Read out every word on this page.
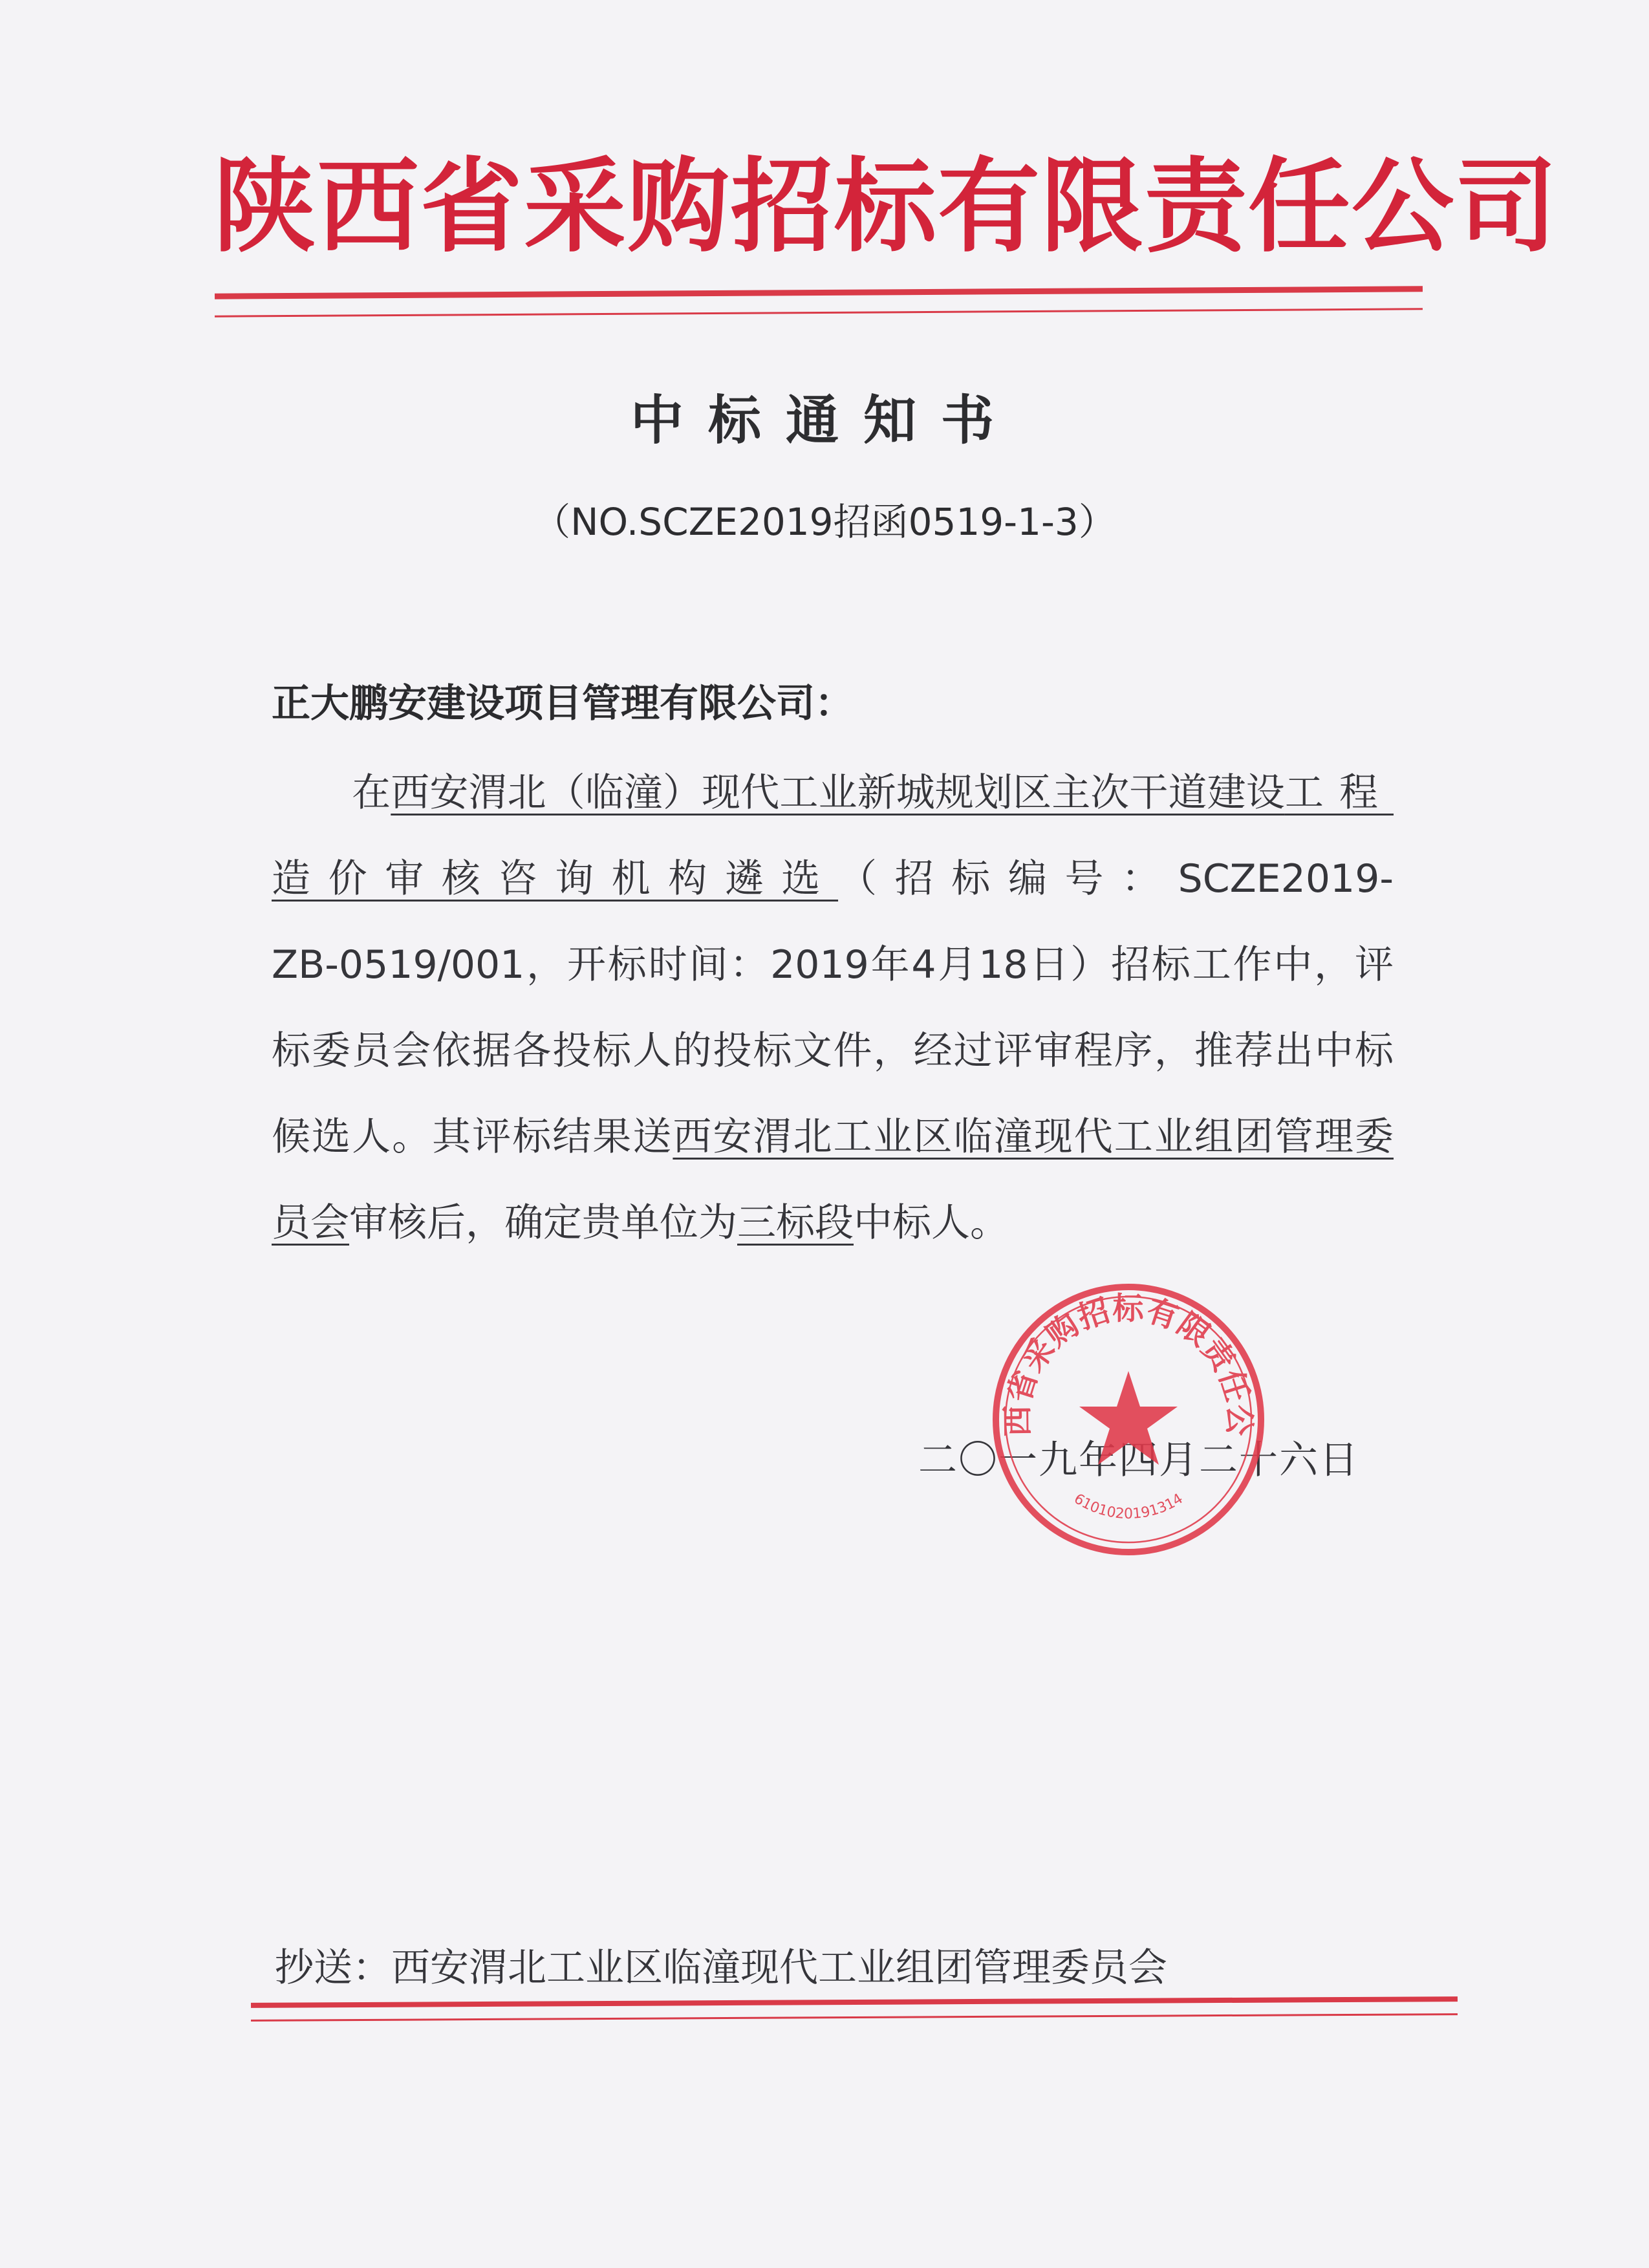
陕西省采购招标有限责任公司
中标通知书
（NO.SCZE2019招函0519-1-3）
正大鹏安建设项目管理有限公司：
在西安渭北（临潼）现代工业新城规划区主次干道建设工程造价审核咨询机构遴选（招标编号：SCZE2019-ZB-0519/001，开标时间：2019年4月18日）招标工作中，评标委员会依据各投标人的投标文件，经过评审程序，推荐出中标候选人。其评标结果送西安渭北工业区临潼现代工业组团管理委员会审核后，确定贵单位为三标段中标人。
二〇一九年四月二十六日
西省采购招标有限责任公
6101020191314
抄送：西安渭北工业区临潼现代工业组团管理委员会
